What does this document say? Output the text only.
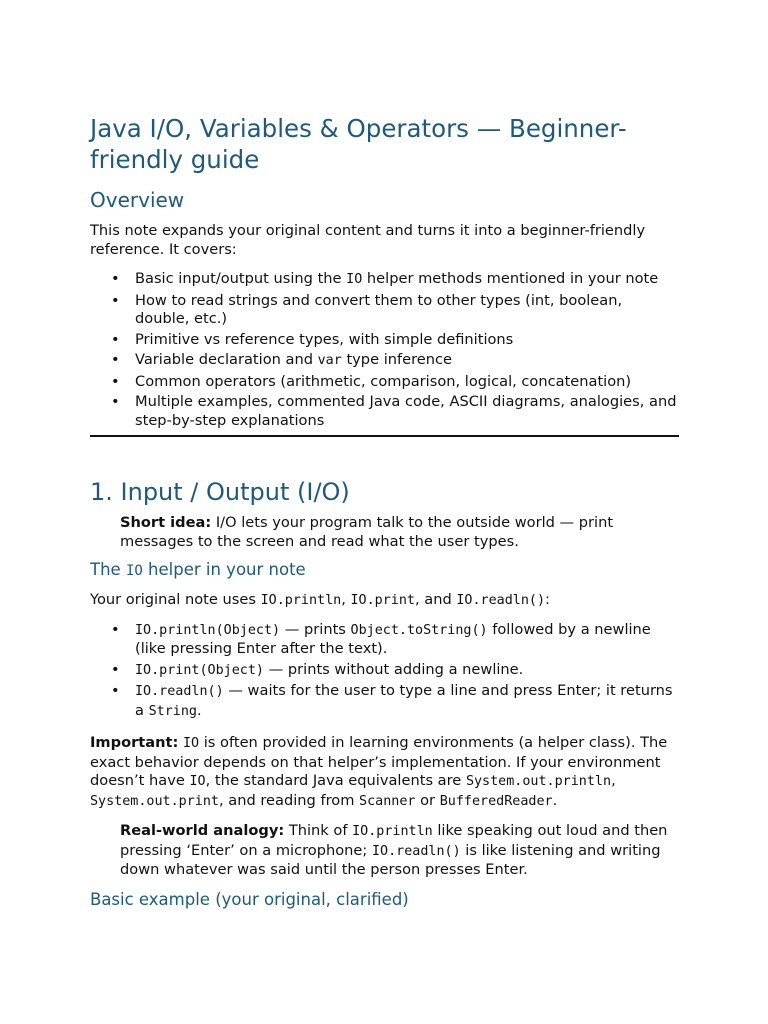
Java I/O, Variables & Operators — Beginner-friendly guide
Overview

This note expands your original content and turns it into a beginner-friendly reference. It covers:

• Basic input/output using the IO helper methods mentioned in your note
• How to read strings and convert them to other types (int, boolean, double, etc.)
• Primitive vs reference types, with simple definitions
• Variable declaration and var type inference
• Common operators (arithmetic, comparison, logical, concatenation)
• Multiple examples, commented Java code, ASCII diagrams, analogies, and step-by-step explanations
1. Input / Output (I/O)

Short idea: I/O lets your program talk to the outside world — print messages to the screen and read what the user types.

The IO helper in your note

Your original note uses IO.println, IO.print, and IO.readln():

• IO.println(Object) — prints Object.toString() followed by a newline (like pressing Enter after the text).
• IO.print(Object) — prints without adding a newline.
• IO.readln() — waits for the user to type a line and press Enter; it returns a String.

Important: IO is often provided in learning environments (a helper class). The exact behavior depends on that helper’s implementation. If your environment doesn’t have IO, the standard Java equivalents are System.out.println, System.out.print, and reading from Scanner or BufferedReader.

Real-world analogy: Think of IO.println like speaking out loud and then pressing ‘Enter’ on a microphone; IO.readln() is like listening and writing down whatever was said until the person presses Enter.

Basic example (your original, clarified)
